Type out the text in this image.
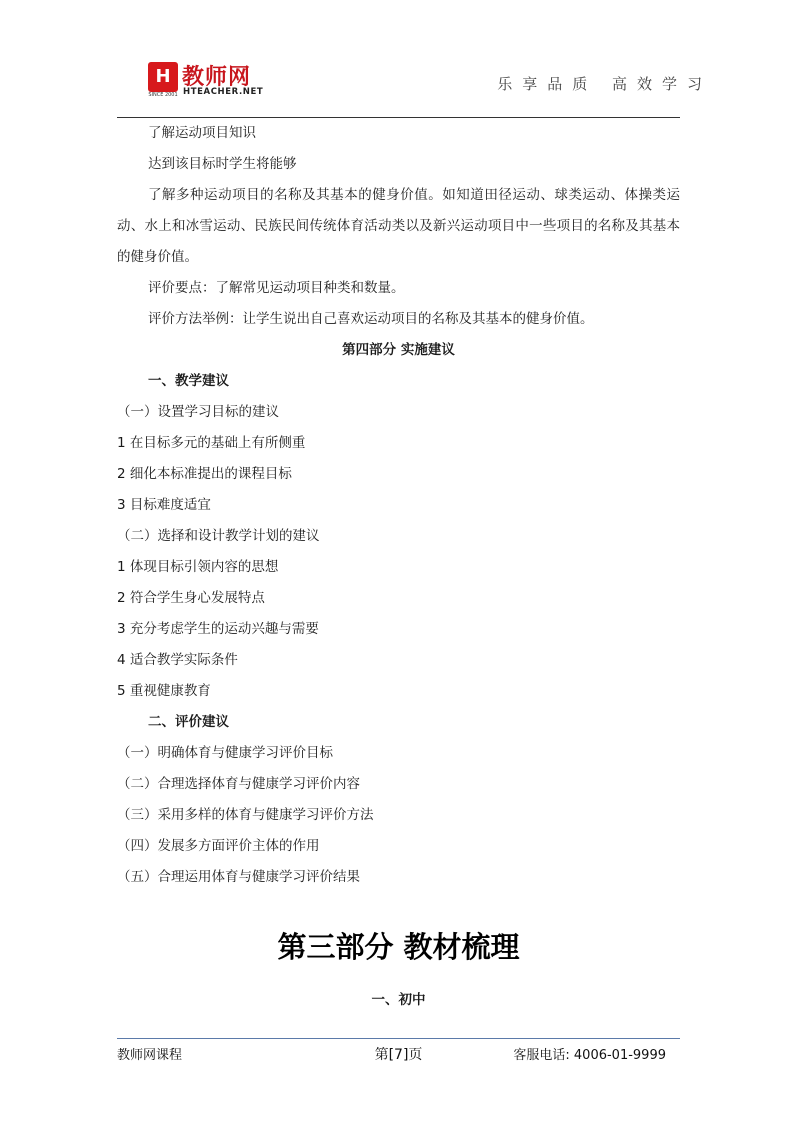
H
SINCE 2001
教师网
HTEACHER.NET	乐享品质 高效学习

了解运动项目知识

达到该目标时学生将能够

了解多种运动项目的名称及其基本的健身价值。如知道田径运动、球类运动、体操类运动、水上和冰雪运动、民族民间传统体育活动类以及新兴运动项目中一些项目的名称及其基本的健身价值。

评价要点：了解常见运动项目种类和数量。

评价方法举例：让学生说出自己喜欢运动项目的名称及其基本的健身价值。

第四部分 实施建议

一、教学建议

（一）设置学习目标的建议

1 在目标多元的基础上有所侧重

2 细化本标准提出的课程目标

3 目标难度适宜

（二）选择和设计教学计划的建议

1 体现目标引领内容的思想

2 符合学生身心发展特点

3 充分考虑学生的运动兴趣与需要

4 适合教学实际条件

5 重视健康教育

二、评价建议

（一）明确体育与健康学习评价目标

（二）合理选择体育与健康学习评价内容

（三）采用多样的体育与健康学习评价方法

（四）发展多方面评价主体的作用

（五）合理运用体育与健康学习评价结果

第三部分 教材梳理

一、初中

教师网课程	第[7]页	客服电话: 4006-01-9999
